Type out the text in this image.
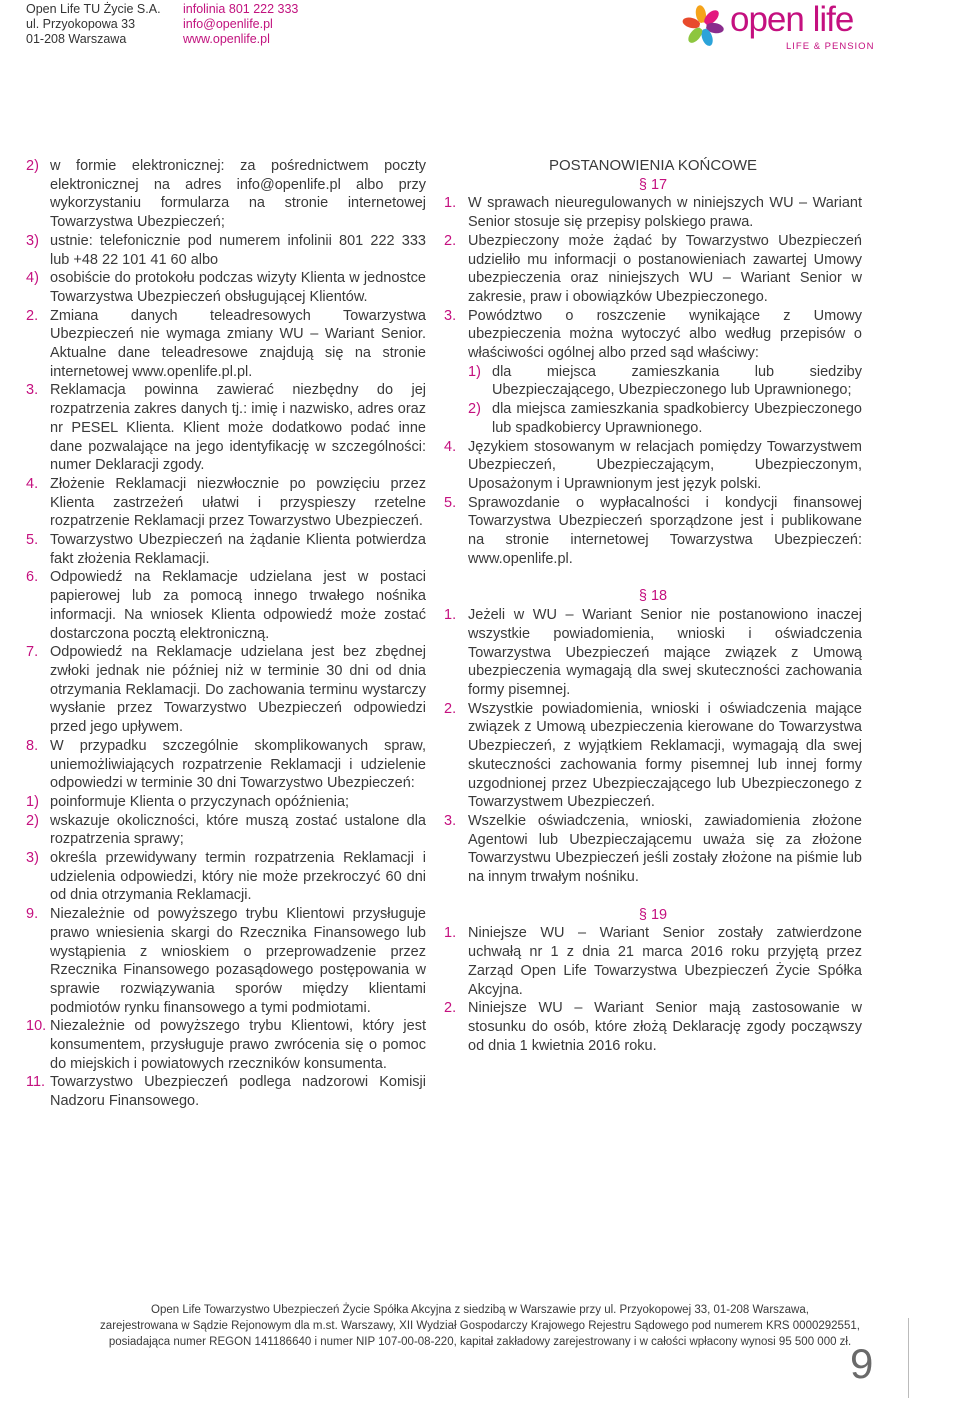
Open Life TU Życie S.A.
ul. Przyokopowa 33
01-208 Warszawa
infolinia 801 222 333
info@openlife.pl
www.openlife.pl	open life
LIFE & PENSION
2) w formie elektronicznej: za pośrednictwem poczty elektronicznej na adres info@openlife.pl albo przy wykorzystaniu formularza na stronie internetowej Towarzystwa Ubezpieczeń;
3) ustnie: telefonicznie pod numerem infolinii 801 222 333 lub +48 22 101 41 60 albo
4) osobiście do protokołu podczas wizyty Klienta w jednostce Towarzystwa Ubezpieczeń obsługującej Klientów.
2. Zmiana danych teleadresowych Towarzystwa Ubezpieczeń nie wymaga zmiany WU – Wariant Senior. Aktualne dane teleadresowe znajdują się na stronie internetowej www.openlife.pl.pl.
3. Reklamacja powinna zawierać niezbędny do jej rozpatrzenia zakres danych tj.: imię i nazwisko, adres oraz nr PESEL Klienta. Klient może dodatkowo podać inne dane pozwalające na jego identyfikację w szczególności: numer Deklaracji zgody.
4. Złożenie Reklamacji niezwłocznie po powzięciu przez Klienta zastrzeżeń ułatwi i przyspieszy rzetelne rozpatrzenie Reklamacji przez Towarzystwo Ubezpieczeń.
5. Towarzystwo Ubezpieczeń na żądanie Klienta potwierdza fakt złożenia Reklamacji.
6. Odpowiedź na Reklamacje udzielana jest w postaci papierowej lub za pomocą innego trwałego nośnika informacji. Na wniosek Klienta odpowiedź może zostać dostarczona pocztą elektroniczną.
7. Odpowiedź na Reklamacje udzielana jest bez zbędnej zwłoki jednak nie później niż w terminie 30 dni od dnia otrzymania Reklamacji. Do zachowania terminu wystarczy wysłanie przez Towarzystwo Ubezpieczeń odpowiedzi przed jego upływem.
8. W przypadku szczególnie skomplikowanych spraw, uniemożliwiających rozpatrzenie Reklamacji i udzielenie odpowiedzi w terminie 30 dni Towarzystwo Ubezpieczeń:
1) poinformuje Klienta o przyczynach opóźnienia;
2) wskazuje okoliczności, które muszą zostać ustalone dla rozpatrzenia sprawy;
3) określa przewidywany termin rozpatrzenia Reklamacji i udzielenia odpowiedzi, który nie może przekroczyć 60 dni od dnia otrzymania Reklamacji.
9. Niezależnie od powyższego trybu Klientowi przysługuje prawo wniesienia skargi do Rzecznika Finansowego lub wystąpienia z wnioskiem o przeprowadzenie przez Rzecznika Finansowego pozasądowego postępowania w sprawie rozwiązywania sporów między klientami podmiotów rynku finansowego a tymi podmiotami.
10. Niezależnie od powyższego trybu Klientowi, który jest konsumentem, przysługuje prawo zwrócenia się o pomoc do miejskich i powiatowych rzeczników konsumenta.
11. Towarzystwo Ubezpieczeń podlega nadzorowi Komisji Nadzoru Finansowego.
POSTANOWIENIA KOŃCOWE
§ 17
1. W sprawach nieuregulowanych w niniejszych WU – Wariant Senior stosuje się przepisy polskiego prawa.
2. Ubezpieczony może żądać by Towarzystwo Ubezpieczeń udzieliło mu informacji o postanowieniach zawartej Umowy ubezpieczenia oraz niniejszych WU – Wariant Senior w zakresie, praw i obowiązków Ubezpieczonego.
3. Powództwo o roszczenie wynikające z Umowy ubezpieczenia można wytoczyć albo według przepisów o właściwości ogólnej albo przed sąd właściwy:
1) dla miejsca zamieszkania lub siedziby Ubezpieczającego, Ubezpieczonego lub Uprawnionego;
2) dla miejsca zamieszkania spadkobiercy Ubezpieczonego lub spadkobiercy Uprawnionego.
4. Językiem stosowanym w relacjach pomiędzy Towarzystwem Ubezpieczeń, Ubezpieczającym, Ubezpieczonym, Uposażonym i Uprawnionym jest język polski.
5. Sprawozdanie o wypłacalności i kondycji finansowej Towarzystwa Ubezpieczeń sporządzone jest i publikowane na stronie internetowej Towarzystwa Ubezpieczeń: www.openlife.pl.
§ 18
1. Jeżeli w WU – Wariant Senior nie postanowiono inaczej wszystkie powiadomienia, wnioski i oświadczenia Towarzystwa Ubezpieczeń mające związek z Umową ubezpieczenia wymagają dla swej skuteczności zachowania formy pisemnej.
2. Wszystkie powiadomienia, wnioski i oświadczenia mające związek z Umową ubezpieczenia kierowane do Towarzystwa Ubezpieczeń, z wyjątkiem Reklamacji, wymagają dla swej skuteczności zachowania formy pisemnej lub innej formy uzgodnionej przez Ubezpieczającego lub Ubezpieczonego z Towarzystwem Ubezpieczeń.
3. Wszelkie oświadczenia, wnioski, zawiadomienia złożone Agentowi lub Ubezpieczającemu uważa się za złożone Towarzystwu Ubezpieczeń jeśli zostały złożone na piśmie lub na innym trwałym nośniku.
§ 19
1. Niniejsze WU – Wariant Senior zostały zatwierdzone uchwałą nr 1 z dnia 21 marca 2016 roku przyjętą przez Zarząd Open Life Towarzystwa Ubezpieczeń Życie Spółka Akcyjna.
2. Niniejsze WU – Wariant Senior mają zastosowanie w stosunku do osób, które złożą Deklarację zgody począwszy od dnia 1 kwietnia 2016 roku.
Open Life Towarzystwo Ubezpieczeń Życie Spółka Akcyjna z siedzibą w Warszawie przy ul. Przyokopowej 33, 01-208 Warszawa,
zarejestrowana w Sądzie Rejonowym dla m.st. Warszawy, XII Wydział Gospodarczy Krajowego Rejestru Sądowego pod numerem KRS 0000292551,
posiadająca numer REGON 141186640 i numer NIP 107-00-08-220, kapitał zakładowy zarejestrowany i w całości wpłacony wynosi 95 500 000 zł.
9
